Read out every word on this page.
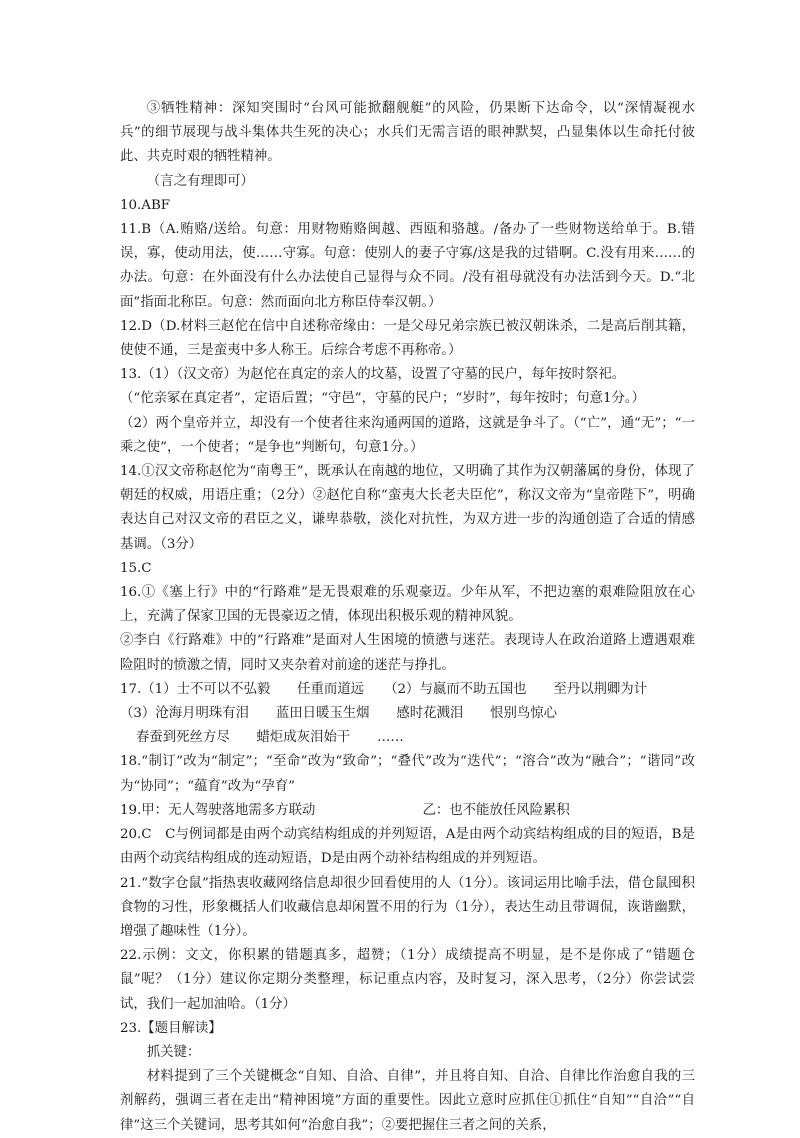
③牺牲精神：深知突围时“台风可能掀翻舰艇”的风险，仍果断下达命令，以“深情凝视水兵”的细节展现与战斗集体共生死的决心；水兵们无需言语的眼神默契，凸显集体以生命托付彼此、共克时艰的牺牲精神。

（言之有理即可）

10.ABF

11.B（A.贿赂/送给。句意：用财物贿赂闽越、西瓯和骆越。/备办了一些财物送给单于。B.错误，寡，使动用法，使……守寡。句意：使别人的妻子守寡/这是我的过错啊。C.没有用来……的办法。句意：在外面没有什么办法使自己显得与众不同。/没有祖母就没有办法活到今天。D.“北面”指面北称臣。句意：然而面向北方称臣侍奉汉朝。）

12.D（D.材料三赵佗在信中自述称帝缘由：一是父母兄弟宗族已被汉朝诛杀，二是高后削其籍，使使不通，三是蛮夷中多人称王。后综合考虑不再称帝。）

13.（1）（汉文帝）为赵佗在真定的亲人的坟墓，设置了守墓的民户，每年按时祭祀。

（“佗亲冢在真定者”，定语后置；“守邑”，守墓的民户；“岁时”，每年按时；句意1分。）

（2）两个皇帝并立，却没有一个使者往来沟通两国的道路，这就是争斗了。（“亡”，通“无”；“一乘之使”，一个使者；“是争也”判断句，句意1分。）

14.①汉文帝称赵佗为“南粤王”，既承认在南越的地位，又明确了其作为汉朝藩属的身份，体现了朝廷的权威，用语庄重；（2分）②赵佗自称“蛮夷大长老夫臣佗”，称汉文帝为“皇帝陛下”，明确表达自己对汉文帝的君臣之义，谦卑恭敬，淡化对抗性，为双方进一步的沟通创造了合适的情感基调。（3分）

15.C

16.①《塞上行》中的“行路难”是无畏艰难的乐观豪迈。少年从军，不把边塞的艰难险阻放在心上，充满了保家卫国的无畏豪迈之情，体现出积极乐观的精神风貌。

②李白《行路难》中的“行路难”是面对人生困境的愤懑与迷茫。表现诗人在政治道路上遭遇艰难险阻时的愤激之情，同时又夹杂着对前途的迷茫与挣扎。

17.（1）士不可以不弘毅　　任重而道远　　（2）与嬴而不助五国也　　至丹以荆卿为计

（3）沧海月明珠有泪　　蓝田日暖玉生烟　　感时花溅泪　　恨别鸟惊心

春蚕到死丝方尽　　蜡炬成灰泪始干　　……

18.“制订”改为“制定”；“至命”改为“致命”；“叠代”改为“迭代”；“溶合”改为“融合”；“谐同”改为“协同”；“蕴育”改为“孕育”

19.甲：无人驾驶落地需多方联动　　　　　　　　乙：也不能放任风险累积

20.C　C与例词都是由两个动宾结构组成的并列短语，A是由两个动宾结构组成的目的短语，B是由两个动宾结构组成的连动短语，D是由两个动补结构组成的并列短语。

21.“数字仓鼠”指热衷收藏网络信息却很少回看使用的人（1分）。该词运用比喻手法，借仓鼠囤积食物的习性，形象概括人们收藏信息却闲置不用的行为（1分），表达生动且带调侃，诙谐幽默，增强了趣味性（1分）。

22.示例：文文，你积累的错题真多，超赞；（1分）成绩提高不明显，是不是你成了“错题仓鼠”呢？（1分）建议你定期分类整理，标记重点内容，及时复习，深入思考，（2分）你尝试尝试，我们一起加油哈。（1分）

23.【题目解读】

抓关键：

材料提到了三个关键概念“自知、自洽、自律”，并且将自知、自洽、自律比作治愈自我的三剂解药，强调三者在走出“精神困境”方面的重要性。因此立意时应抓住①抓住“自知”“自洽”“自律”这三个关键词，思考其如何“治愈自我”；②要把握住三者之间的关系，
